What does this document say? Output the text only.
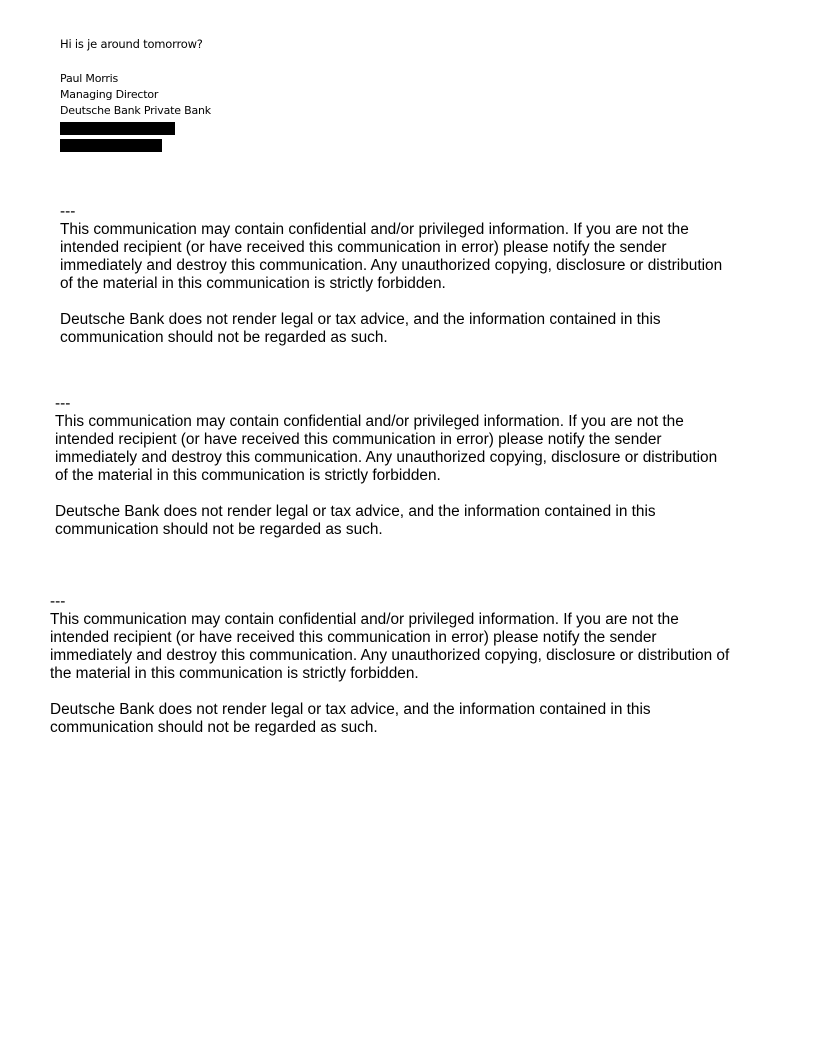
Hi is je around tomorrow?
Paul Morris
Managing Director
Deutsche Bank Private Bank

---

This communication may contain confidential and/or privileged information. If you are not the

intended recipient (or have received this communication in error) please notify the sender

immediately and destroy this communication. Any unauthorized copying, disclosure or distribution

of the material in this communication is strictly forbidden.

Deutsche Bank does not render legal or tax advice, and the information contained in this

communication should not be regarded as such.

---

This communication may contain confidential and/or privileged information. If you are not the

intended recipient (or have received this communication in error) please notify the sender

immediately and destroy this communication. Any unauthorized copying, disclosure or distribution

of the material in this communication is strictly forbidden.

Deutsche Bank does not render legal or tax advice, and the information contained in this

communication should not be regarded as such.

---

This communication may contain confidential and/or privileged information. If you are not the

intended recipient (or have received this communication in error) please notify the sender

immediately and destroy this communication. Any unauthorized copying, disclosure or distribution of

the material in this communication is strictly forbidden.

Deutsche Bank does not render legal or tax advice, and the information contained in this

communication should not be regarded as such.
